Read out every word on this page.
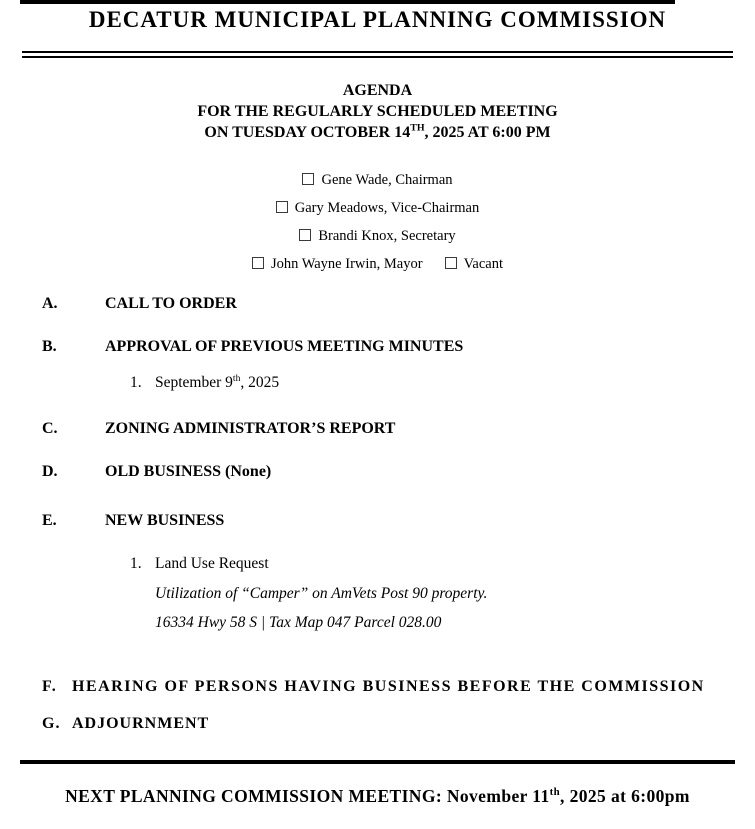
DECATUR MUNICIPAL PLANNING COMMISSION
AGENDA
FOR THE REGULARLY SCHEDULED MEETING
ON TUESDAY OCTOBER 14TH, 2025 AT 6:00 PM
Gene Wade, Chairman
Gary Meadows, Vice-Chairman
Brandi Knox, Secretary
John Wayne Irwin, Mayor	Vacant
A.	CALL TO ORDER
B.	APPROVAL OF PREVIOUS MEETING MINUTES
1. September 9th, 2025
C.	ZONING ADMINISTRATOR’S REPORT
D.	OLD BUSINESS (None)
E.	NEW BUSINESS
1. Land Use Request
Utilization of “Camper” on AmVets Post 90 property.
16334 Hwy 58 S | Tax Map 047 Parcel 028.00
F. HEARING OF PERSONS HAVING BUSINESS BEFORE THE COMMISSION
G. ADJOURNMENT
NEXT PLANNING COMMISSION MEETING: November 11th, 2025 at 6:00pm
